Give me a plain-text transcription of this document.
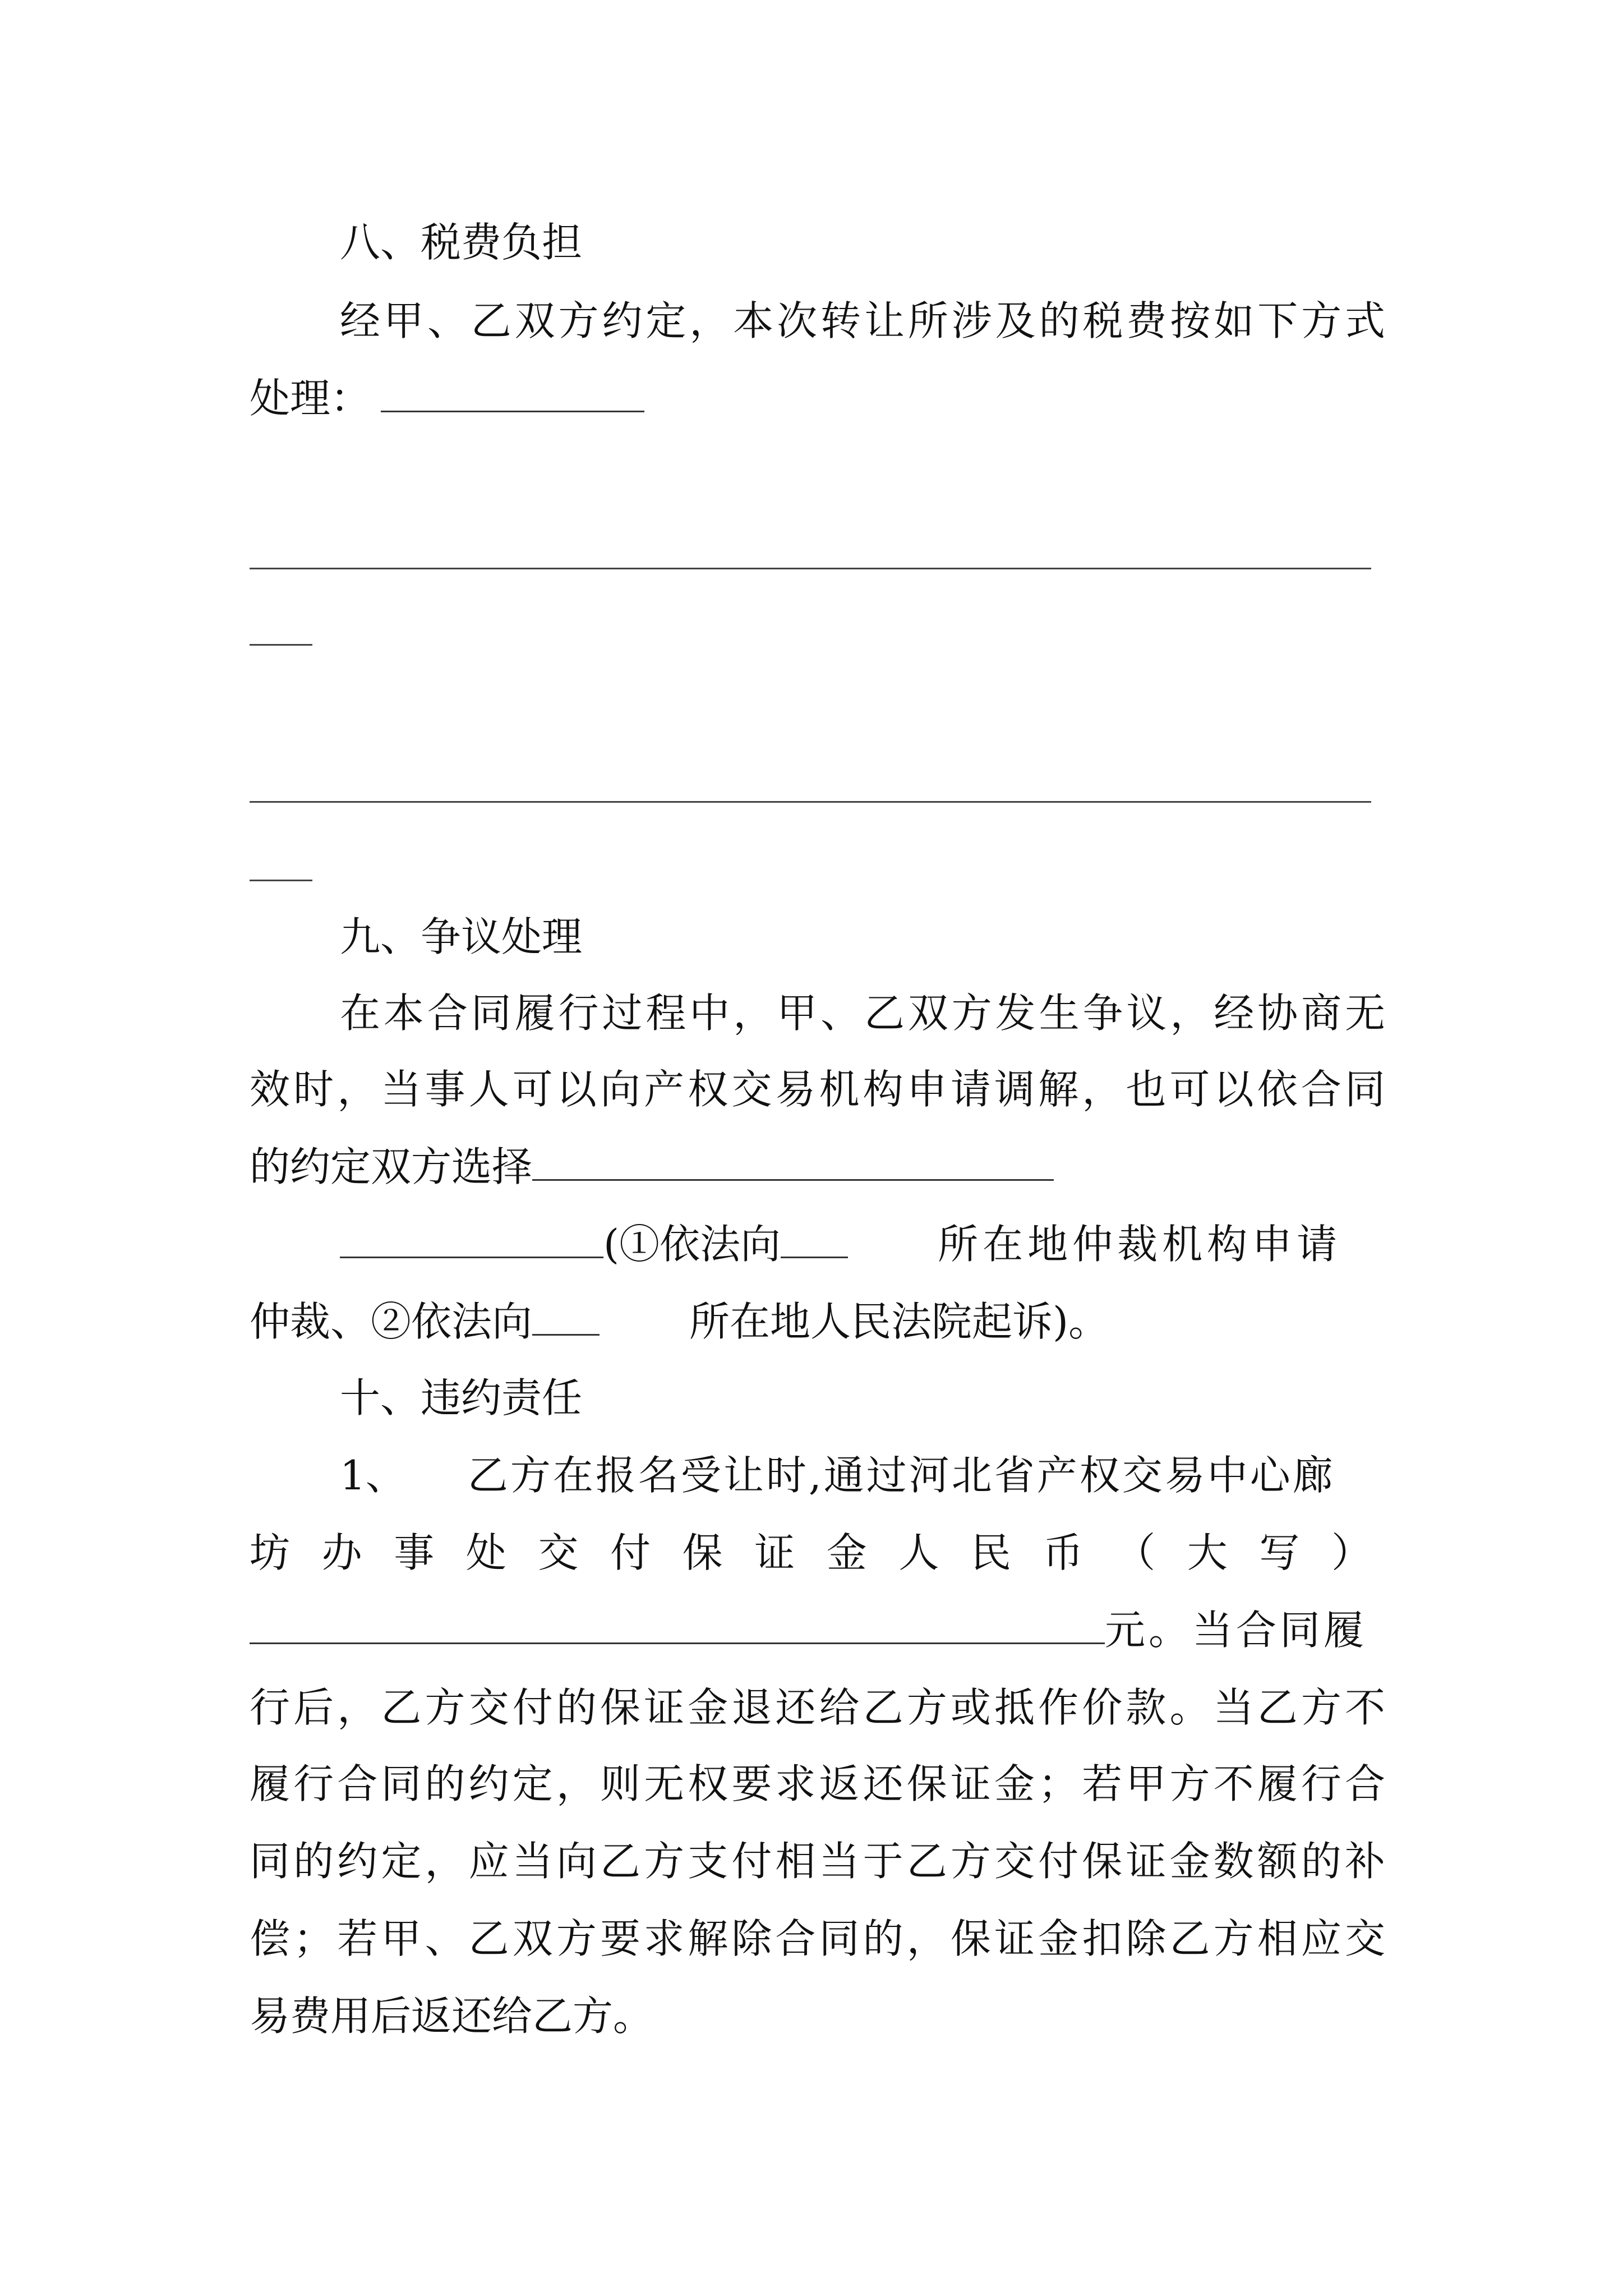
八、税费负担
经甲、乙双方约定，本次转让所涉及的税费按如下方式
处理：
九、争议处理
在本合同履行过程中，甲、乙双方发生争议，经协商无
效时，当事人可以向产权交易机构申请调解，也可以依合同
的约定双方选择
(①依法向	所在地仲裁机构申请
仲裁、②依法向	所在地人民法院起诉)。
十、违约责任
1、 乙方在报名受让时,通过河北省产权交易中心廊
坊办事处交付保证金人民币（大写）
元。当合同履
行后，乙方交付的保证金退还给乙方或抵作价款。当乙方不
履行合同的约定，则无权要求返还保证金；若甲方不履行合
同的约定，应当向乙方支付相当于乙方交付保证金数额的补
偿；若甲、乙双方要求解除合同的，保证金扣除乙方相应交
易费用后返还给乙方。
